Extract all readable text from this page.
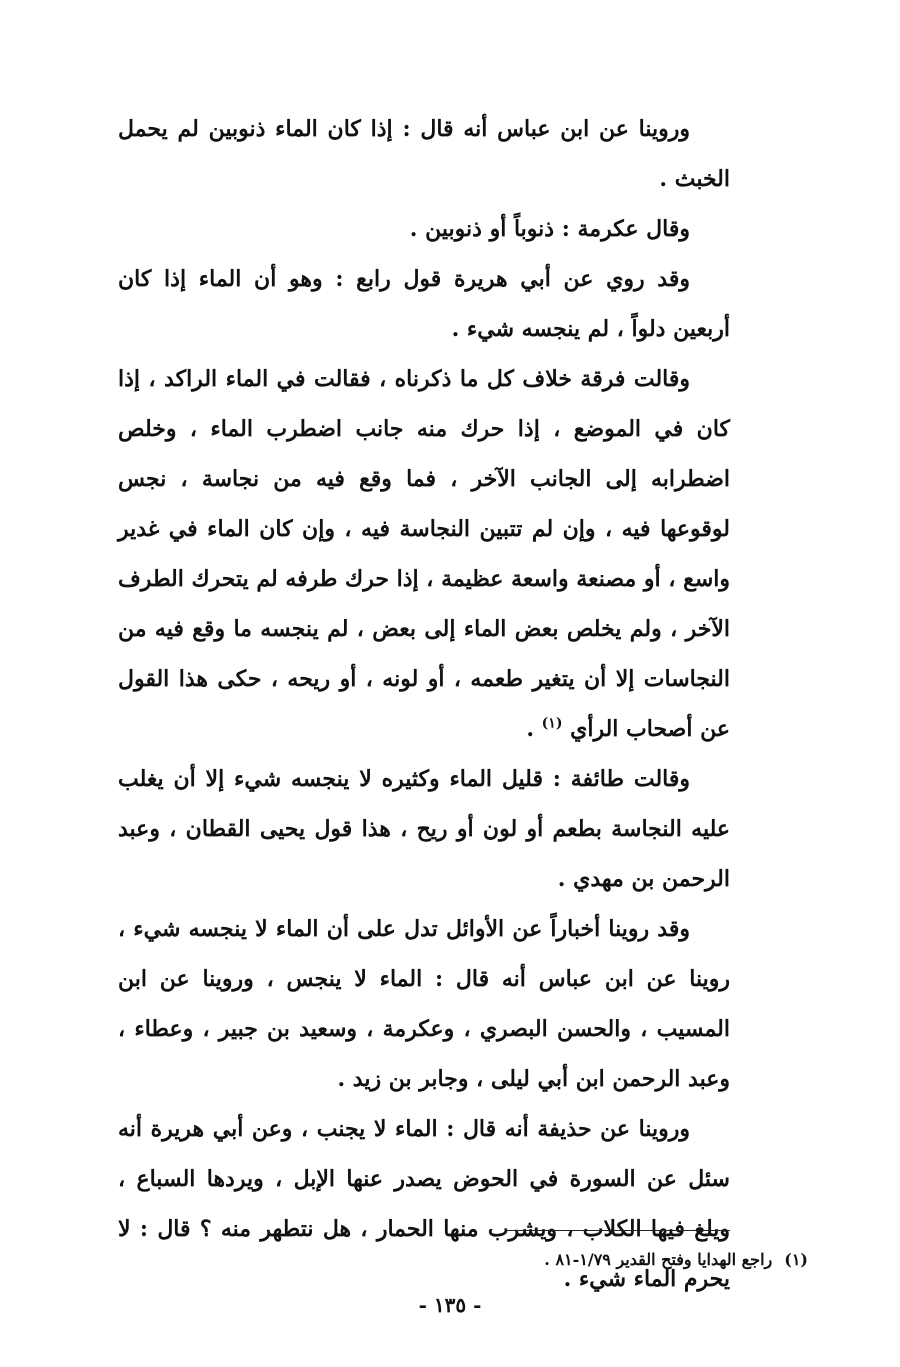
وروينا عن ابن عباس أنه قال : إذا كان الماء ذنوبين لم يحمل الخبث .

وقال عكرمة : ذنوباً أو ذنوبين .

وقد روي عن أبي هريرة قول رابع : وهو أن الماء إذا كان أربعين دلواً ، لم ينجسه شيء .

وقالت فرقة خلاف كل ما ذكرناه ، فقالت في الماء الراكد ، إذا كان في الموضع ، إذا حرك منه جانب اضطرب الماء ، وخلص اضطرابه إلى الجانب الآخر ، فما وقع فيه من نجاسة ، نجس لوقوعها فيه ، وإن لم تتبين النجاسة فيه ، وإن كان الماء في غدير واسع ، أو مصنعة واسعة عظيمة ، إذا حرك طرفه لم يتحرك الطرف الآخر ، ولم يخلص بعض الماء إلى بعض ، لم ينجسه ما وقع فيه من النجاسات إلا أن يتغير طعمه ، أو لونه ، أو ريحه ، حكى هذا القول عن أصحاب الرأي $^{(١)}$ .

وقالت طائفة : قليل الماء وكثيره لا ينجسه شيء إلا أن يغلب عليه النجاسة بطعم أو لون أو ريح ، هذا قول يحيى القطان ، وعبد الرحمن بن مهدي .

وقد روينا أخباراً عن الأوائل تدل على أن الماء لا ينجسه شيء ، روينا عن ابن عباس أنه قال : الماء لا ينجس ، وروينا عن ابن المسيب ، والحسن البصري ، وعكرمة ، وسعيد بن جبير ، وعطاء ، وعبد الرحمن ابن أبي ليلى ، وجابر بن زيد .

وروينا عن حذيفة أنه قال : الماء لا يجنب ، وعن أبي هريرة أنه سئل عن السورة في الحوض يصدر عنها الإبل ، ويردها السباع ، ويلغ فيها الكلاب ، ويشرب منها الحمار ، هل نتطهر منه ؟ قال : لا يحرم الماء شيء .

(١)راجع الهدايا وفتح القدير ١/٧٩-٨١ .
- ١٣٥ -
